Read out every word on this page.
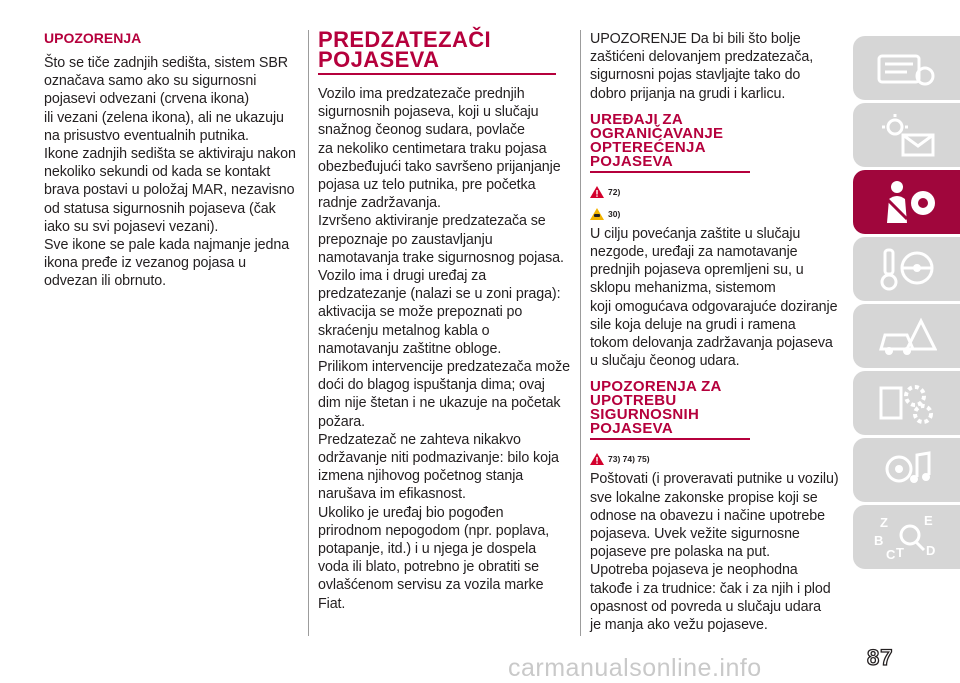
UPOZORENJA

Što se tiče zadnjih sedišta, sistem SBR
označava samo ako su sigurnosni
pojasevi odvezani (crvena ikona)
ili vezani (zelena ikona), ali ne ukazuju
na prisustvo eventualnih putnika.
Ikone zadnjih sedišta se aktiviraju nakon
nekoliko sekundi od kada se kontakt
brava postavi u položaj MAR, nezavisno
od statusa sigurnosnih pojaseva (čak
iako su svi pojasevi vezani).
Sve ikone se pale kada najmanje jedna
ikona pređe iz vezanog pojasa u
odvezan ili obrnuto.

PREDZATEZAČI
POJASEVA

Vozilo ima predzatezače prednjih
sigurnosnih pojaseva, koji u slučaju
snažnog čeonog sudara, povlače
za nekoliko centimetara traku pojasa
obezbeđujući tako savršeno prijanjanje
pojasa uz telo putnika, pre početka
radnje zadržavanja.
Izvršeno aktiviranje predzatezača se
prepoznaje po zaustavljanju
namotavanja trake sigurnosnog pojasa.
Vozilo ima i drugi uređaj za
predzatezanje (nalazi se u zoni praga):
aktivacija se može prepoznati po
skraćenju metalnog kabla o
namotavanju zaštitne obloge.
Prilikom intervencije predzatezača može
doći do blagog ispuštanja dima; ovaj
dim nije štetan i ne ukazuje na početak
požara.
Predzatezač ne zahteva nikakvo
održavanje niti podmazivanje: bilo koja
izmena njihovog početnog stanja
narušava im efikasnost.
Ukoliko je uređaj bio pogođen
prirodnom nepogodom (npr. poplava,
potapanje, itd.) i u njega je dospela
voda ili blato, potrebno je obratiti se
ovlašćenom servisu za vozila marke
Fiat.

UPOZORENJE Da bi bili što bolje
zaštićeni delovanjem predzatezača,
sigurnosni pojas stavljajte tako do
dobro prijanja na grudi i karlicu.

UREĐAJI ZA
OGRANIČAVANJE
OPTEREĆENJA
POJASEVA

72)
30)

U cilju povećanja zaštite u slučaju
nezgode, uređaji za namotavanje
prednjih pojaseva opremljeni su, u
sklopu mehanizma, sistemom
koji omogućava odgovarajuće doziranje
sile koja deluje na grudi i ramena
tokom delovanja zadržavanja pojaseva
u slučaju čeonog udara.

UPOZORENJA ZA
UPOTREBU
SIGURNOSNIH
POJASEVA

73) 74) 75)

Poštovati (i proveravati putnike u vozilu)
sve lokalne zakonske propise koji se
odnose na obavezu i načine upotrebe
pojaseva. Uvek vežite sigurnosne
pojaseve pre polaska na put.
Upotreba pojaseva je neophodna
takođe i za trudnice: čak i za njih i plod
opasnost od povreda u slučaju udara
je manja ako vežu pojaseve.

Z	E
B
C T D
87
carmanualsonline.info
